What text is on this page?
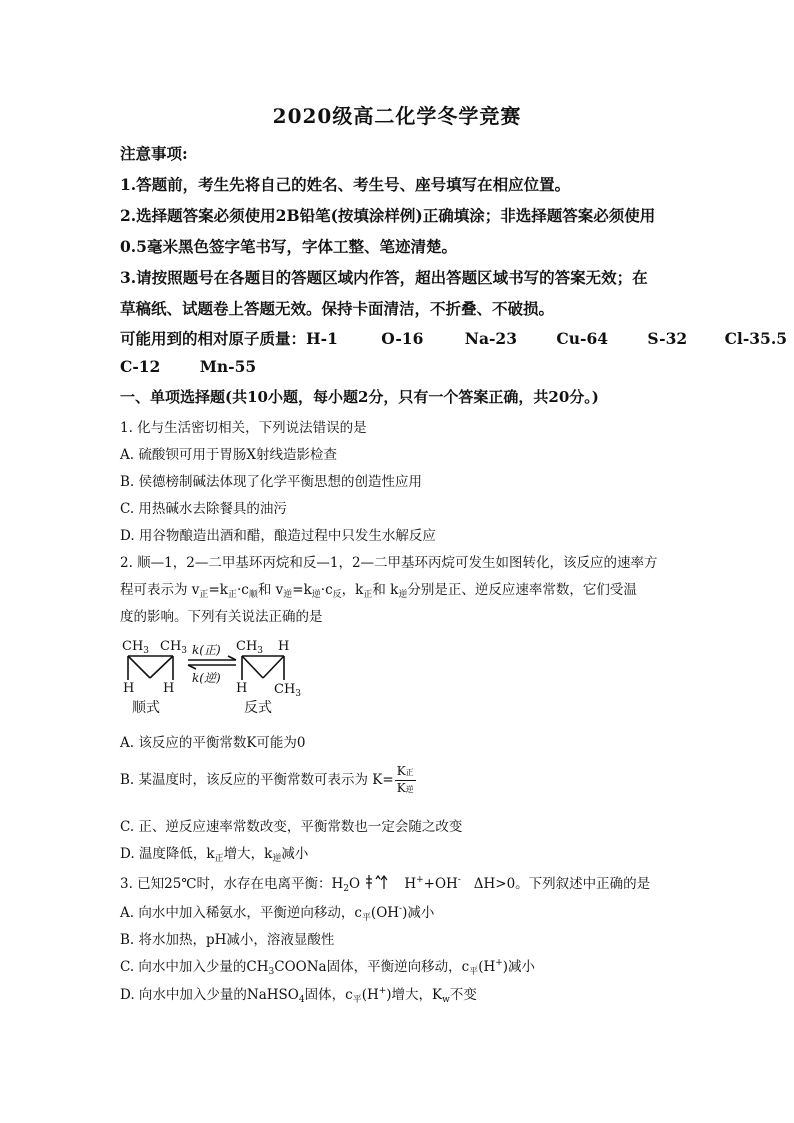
2020级高二化学冬学竞赛
注意事项:
1.答题前，考生先将自己的姓名、考生号、座号填写在相应位置。
2.选择题答案必须使用2B铅笔(按填涂样例)正确填涂；非选择题答案必须使用
0.5毫米黑色签字笔书写，字体工整、笔迹清楚。
3.请按照题号在各题目的答题区域内作答，超出答题区域书写的答案无效；在
草稿纸、试题卷上答题无效。保持卡面清洁，不折叠、不破损。
可能用到的相对原子质量：H-1	O-16	Na-23	Cu-64	S-32 Cl-35.5
C-12	Mn-55
一、单项选择题(共10小题，每小题2分，只有一个答案正确，共20分。)
1. 化与生活密切相关，下列说法错误的是
A. 硫酸钡可用于胃肠X射线造影检查
B. 侯德榜制碱法体现了化学平衡思想的创造性应用
C. 用热碱水去除餐具的油污
D. 用谷物酿造出酒和醋，酿造过程中只发生水解反应
2. 顺—1，2—二甲基环丙烷和反—1，2—二甲基环丙烷可发生如图转化，该反应的速率方
程可表示为 $v_正=k_正\cdot c_顺$和 $v_逆=k_逆\cdot c_反$，$k_正$和 $k_逆$分别是正、逆反应速率常数，它们受温
度的影响。下列有关说法正确的是
$CH_3$ $CH_3$
H H
顺式
$CH_3$ H
H $CH_3$
反式
k(正)
k(逆)
A. 该反应的平衡常数K可能为0
B. 某温度时，该反应的平衡常数可表示为 $K= \frac{\text{K正}}{\text{K逆}}$
C. 正、逆反应速率常数改变，平衡常数也一定会随之改变
D. 温度降低，$k_正$增大，$k_逆$减小
3. 已知25℃时，水存在电离平衡：$H_2O$	H++OH-   ΔH>0。下列叙述中正确的是
A. 向水中加入稀氨水，平衡逆向移动，$c_平(OH^-)$减小
B. 将水加热，pH减小，溶液显酸性
C. 向水中加入少量的$CH_3COONa$固体，平衡逆向移动，$c_平(H^+)$减小
D. 向水中加入少量的NaHSO$_4$固体，$c_平(H^+)$增大，$K_w$不变
